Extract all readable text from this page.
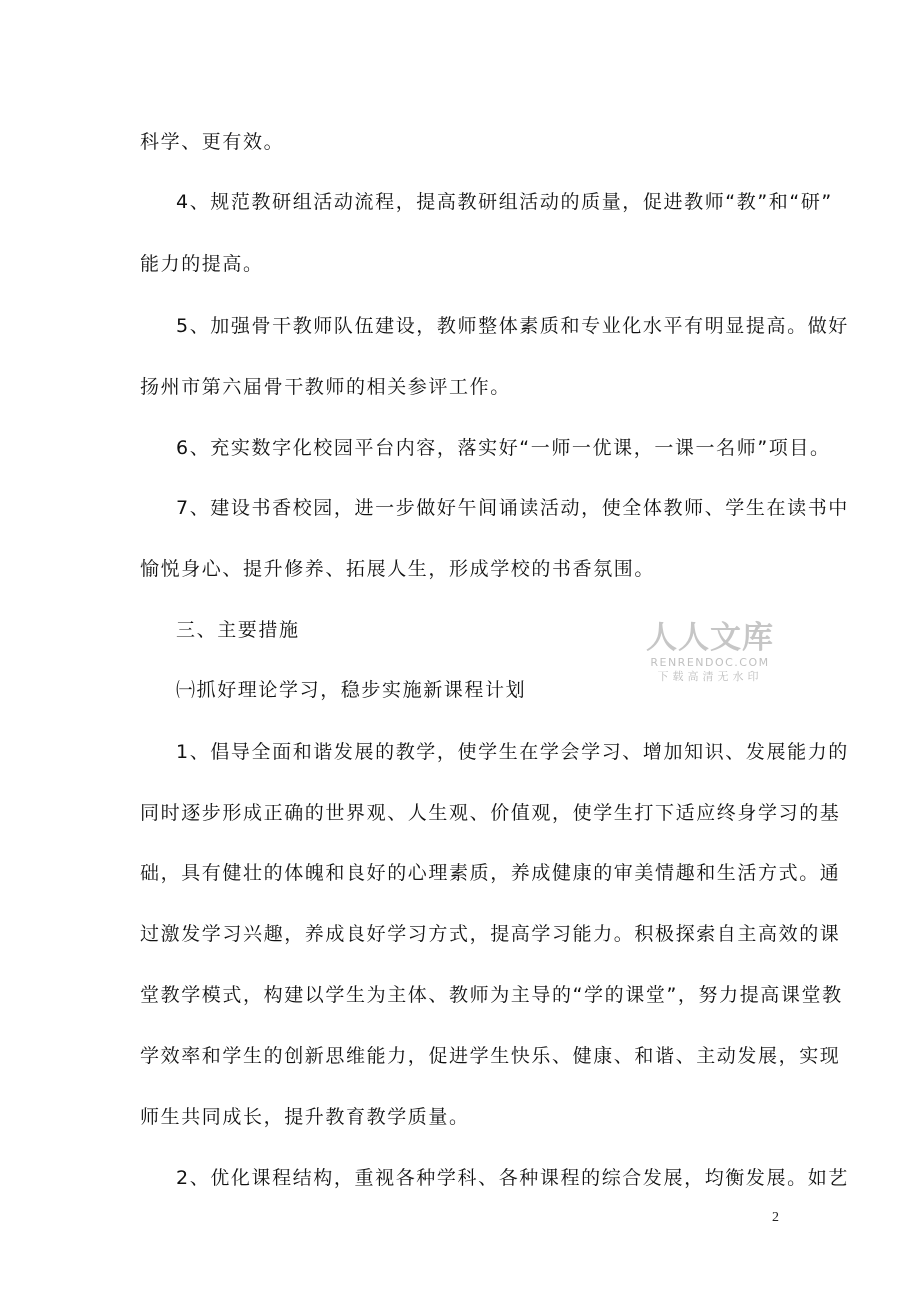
科学、更有效。
4、规范教研组活动流程，提高教研组活动的质量，促进教师“教”和“研”
能力的提高。
5、加强骨干教师队伍建设，教师整体素质和专业化水平有明显提高。做好
扬州市第六届骨干教师的相关参评工作。
6、充实数字化校园平台内容，落实好“一师一优课，一课一名师”项目。
7、建设书香校园，进一步做好午间诵读活动，使全体教师、学生在读书中
愉悦身心、提升修养、拓展人生，形成学校的书香氛围。
三、主要措施
㈠抓好理论学习，稳步实施新课程计划
1、倡导全面和谐发展的教学，使学生在学会学习、增加知识、发展能力的
同时逐步形成正确的世界观、人生观、价值观，使学生打下适应终身学习的基
础，具有健壮的体魄和良好的心理素质，养成健康的审美情趣和生活方式。通
过激发学习兴趣，养成良好学习方式，提高学习能力。积极探索自主高效的课
堂教学模式，构建以学生为主体、教师为主导的“学的课堂”，努力提高课堂教
学效率和学生的创新思维能力，促进学生快乐、健康、和谐、主动发展，实现
师生共同成长，提升教育教学质量。
2、优化课程结构，重视各种学科、各种课程的综合发展，均衡发展。如艺
人人文库
RENRENDOC.COM
下载高清无水印
2
